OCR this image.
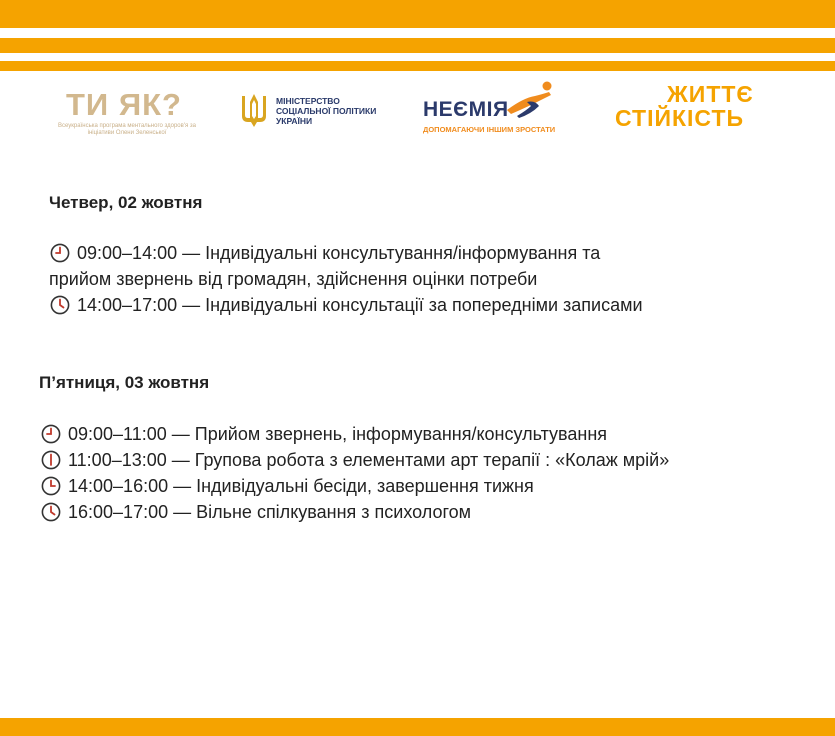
ТИ ЯК?
Всеукраїнська програма ментального здоров'я за ініціативи Олени Зеленської
МІНІСТЕРСТВО
СОЦІАЛЬНОЇ ПОЛІТИКИ
УКРАЇНИ	НЕЄМІЯ
ДОПОМАГАЮЧИ ІНШИМ ЗРОСТАТИ
ЖИТТЄ
СТІЙКІСТЬ
Четвер, 02 жовтня
09:00–14:00 — Індивідуальні консультування/інформування та
прийом звернень від громадян, здійснення оцінки потреби
14:00–17:00 — Індивідуальні консультації за попередніми записами
П’ятниця, 03 жовтня
09:00–11:00 — Прийом звернень, інформування/консультування
11:00–13:00 — Групова робота з елементами арт терапії : «Колаж мрій»
14:00–16:00 — Індивідуальні бесіди, завершення тижня
16:00–17:00 — Вільне спілкування з психологом
